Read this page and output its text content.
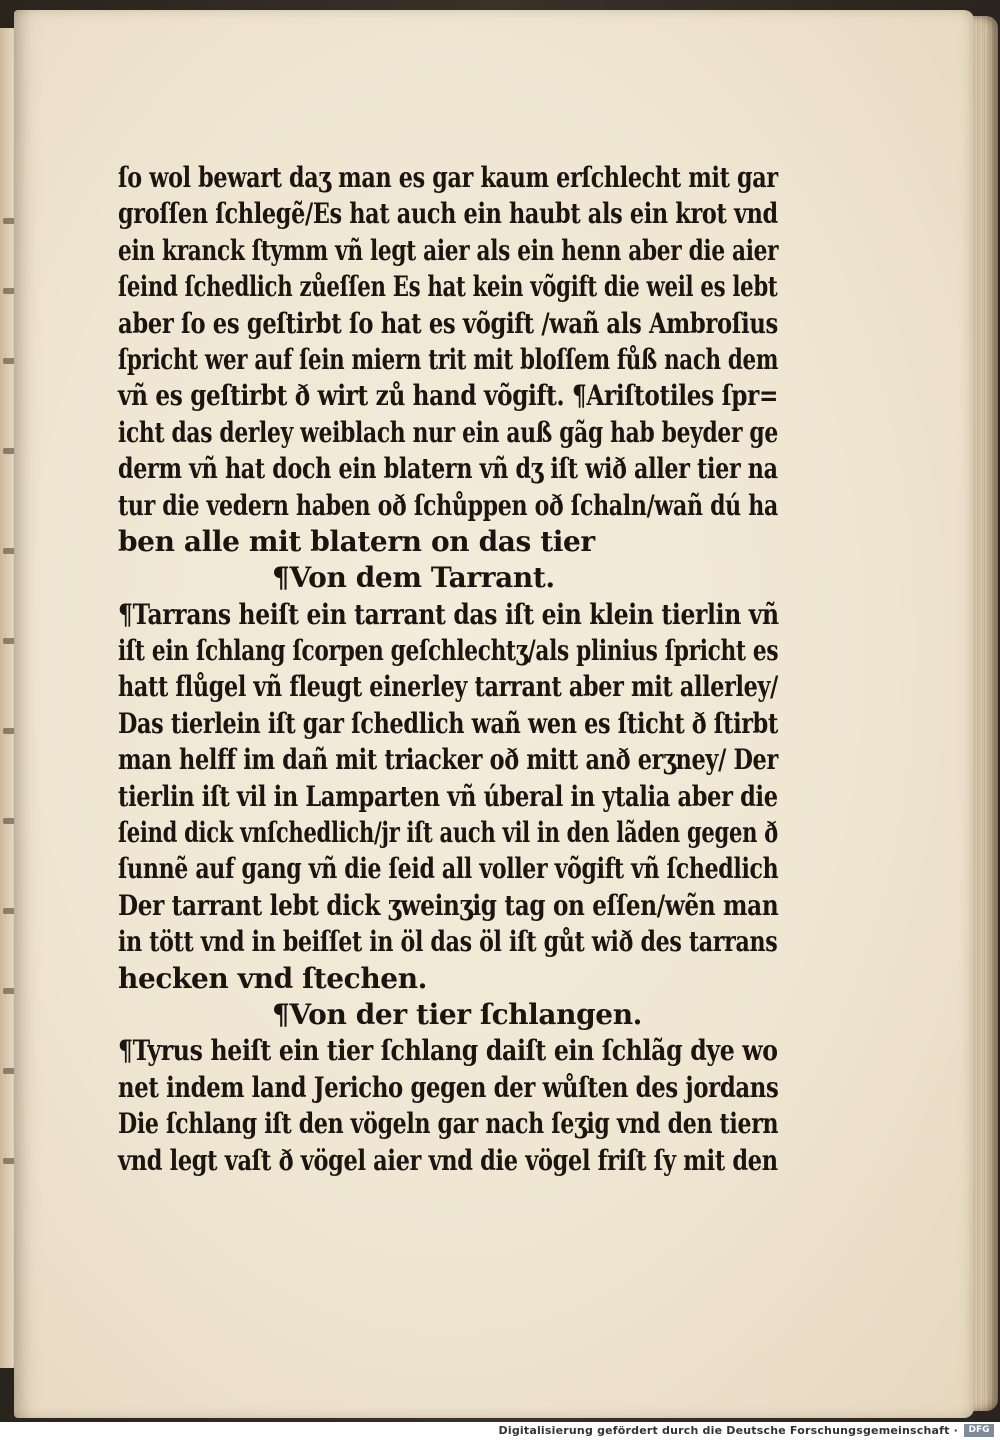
ſo wol bewart daʒ man es gar kaum erſchlecht mit gar
groſſen ſchlegẽ/Es hat auch ein haubt als ein krot vnd
ein kranck ſtymm vñ legt aier als ein henn aber die aier
ſeind ſchedlich zůeſſen Es hat kein võgift die weil es lebt
aber ſo es geſtirbt ſo hat es võgift /wañ als Ambroſius
ſpricht wer auf ſein miern trit mit bloſſem fůß nach dem
vñ es geſtirbt ð wirt zů hand võgift. ¶Ariſtotiles ſpr=
icht das derley weiblach nur ein auß gãg hab beyder ge
derm vñ hat doch ein blatern vñ dʒ iſt wið aller tier na
tur die vedern haben oð ſchůppen oð ſchaln/wañ dú ha
ben alle mit blatern on das tier
¶Von dem Tarrant.
¶Tarrans heiſt ein tarrant das iſt ein klein tierlin vñ
iſt ein ſchlang ſcorpen geſchlechtʒ/als plinius ſpricht es
hatt flůgel vñ fleugt einerley tarrant aber mit allerley/
Das tierlein iſt gar ſchedlich wañ wen es ſticht ð ſtirbt
man helff im dañ mit triacker oð mitt anð erʒney/ Der
tierlin iſt vil in Lamparten vñ úberal in ytalia aber die
ſeind dick vnſchedlich/jr iſt auch vil in den lãden gegen ð
ſunnẽ auf gang vñ die ſeid all voller võgift vñ ſchedlich
Der tarrant lebt dick ʒweinʒig tag on eſſen/wẽn man
in tött vnd in beiſſet in öl das öl iſt gůt wið des tarrans
hecken vnd ſtechen.
¶Von der tier ſchlangen.
¶Tyrus heiſt ein tier ſchlang daiſt ein ſchlãg dye wo
net indem land Jericho gegen der wůſten des jordans
Die ſchlang iſt den vögeln gar nach ſeʒig vnd den tiern
vnd legt vaſt ð vögel aier vnd die vögel friſt ſy mit den
Digitalisierung gefördert durch die Deutsche Forschungsgemeinschaft ·	DFG
